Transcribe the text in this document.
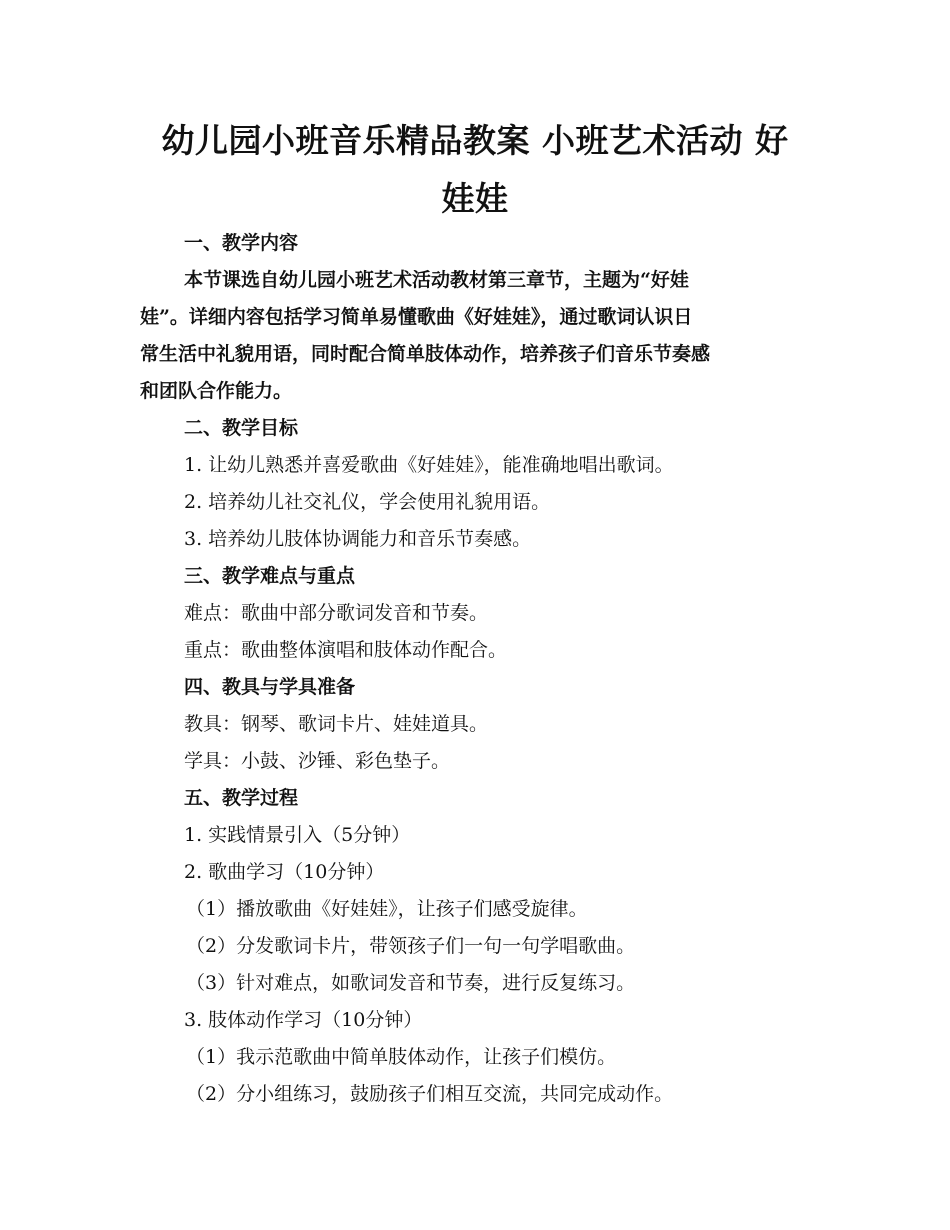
幼儿园小班音乐精品教案 小班艺术活动 好
娃娃
一、教学内容
本节课选自幼儿园小班艺术活动教材第三章节，主题为“好娃
娃”。详细内容包括学习简单易懂歌曲《好娃娃》，通过歌词认识日
常生活中礼貌用语，同时配合简单肢体动作，培养孩子们音乐节奏感
和团队合作能力。
二、教学目标
1. 让幼儿熟悉并喜爱歌曲《好娃娃》，能准确地唱出歌词。
2. 培养幼儿社交礼仪，学会使用礼貌用语。
3. 培养幼儿肢体协调能力和音乐节奏感。
三、教学难点与重点
难点：歌曲中部分歌词发音和节奏。
重点：歌曲整体演唱和肢体动作配合。
四、教具与学具准备
教具：钢琴、歌词卡片、娃娃道具。
学具：小鼓、沙锤、彩色垫子。
五、教学过程
1. 实践情景引入（5分钟）
2. 歌曲学习（10分钟）
（1）播放歌曲《好娃娃》，让孩子们感受旋律。
（2）分发歌词卡片，带领孩子们一句一句学唱歌曲。
（3）针对难点，如歌词发音和节奏，进行反复练习。
3. 肢体动作学习（10分钟）
（1）我示范歌曲中简单肢体动作，让孩子们模仿。
（2）分小组练习，鼓励孩子们相互交流，共同完成动作。
